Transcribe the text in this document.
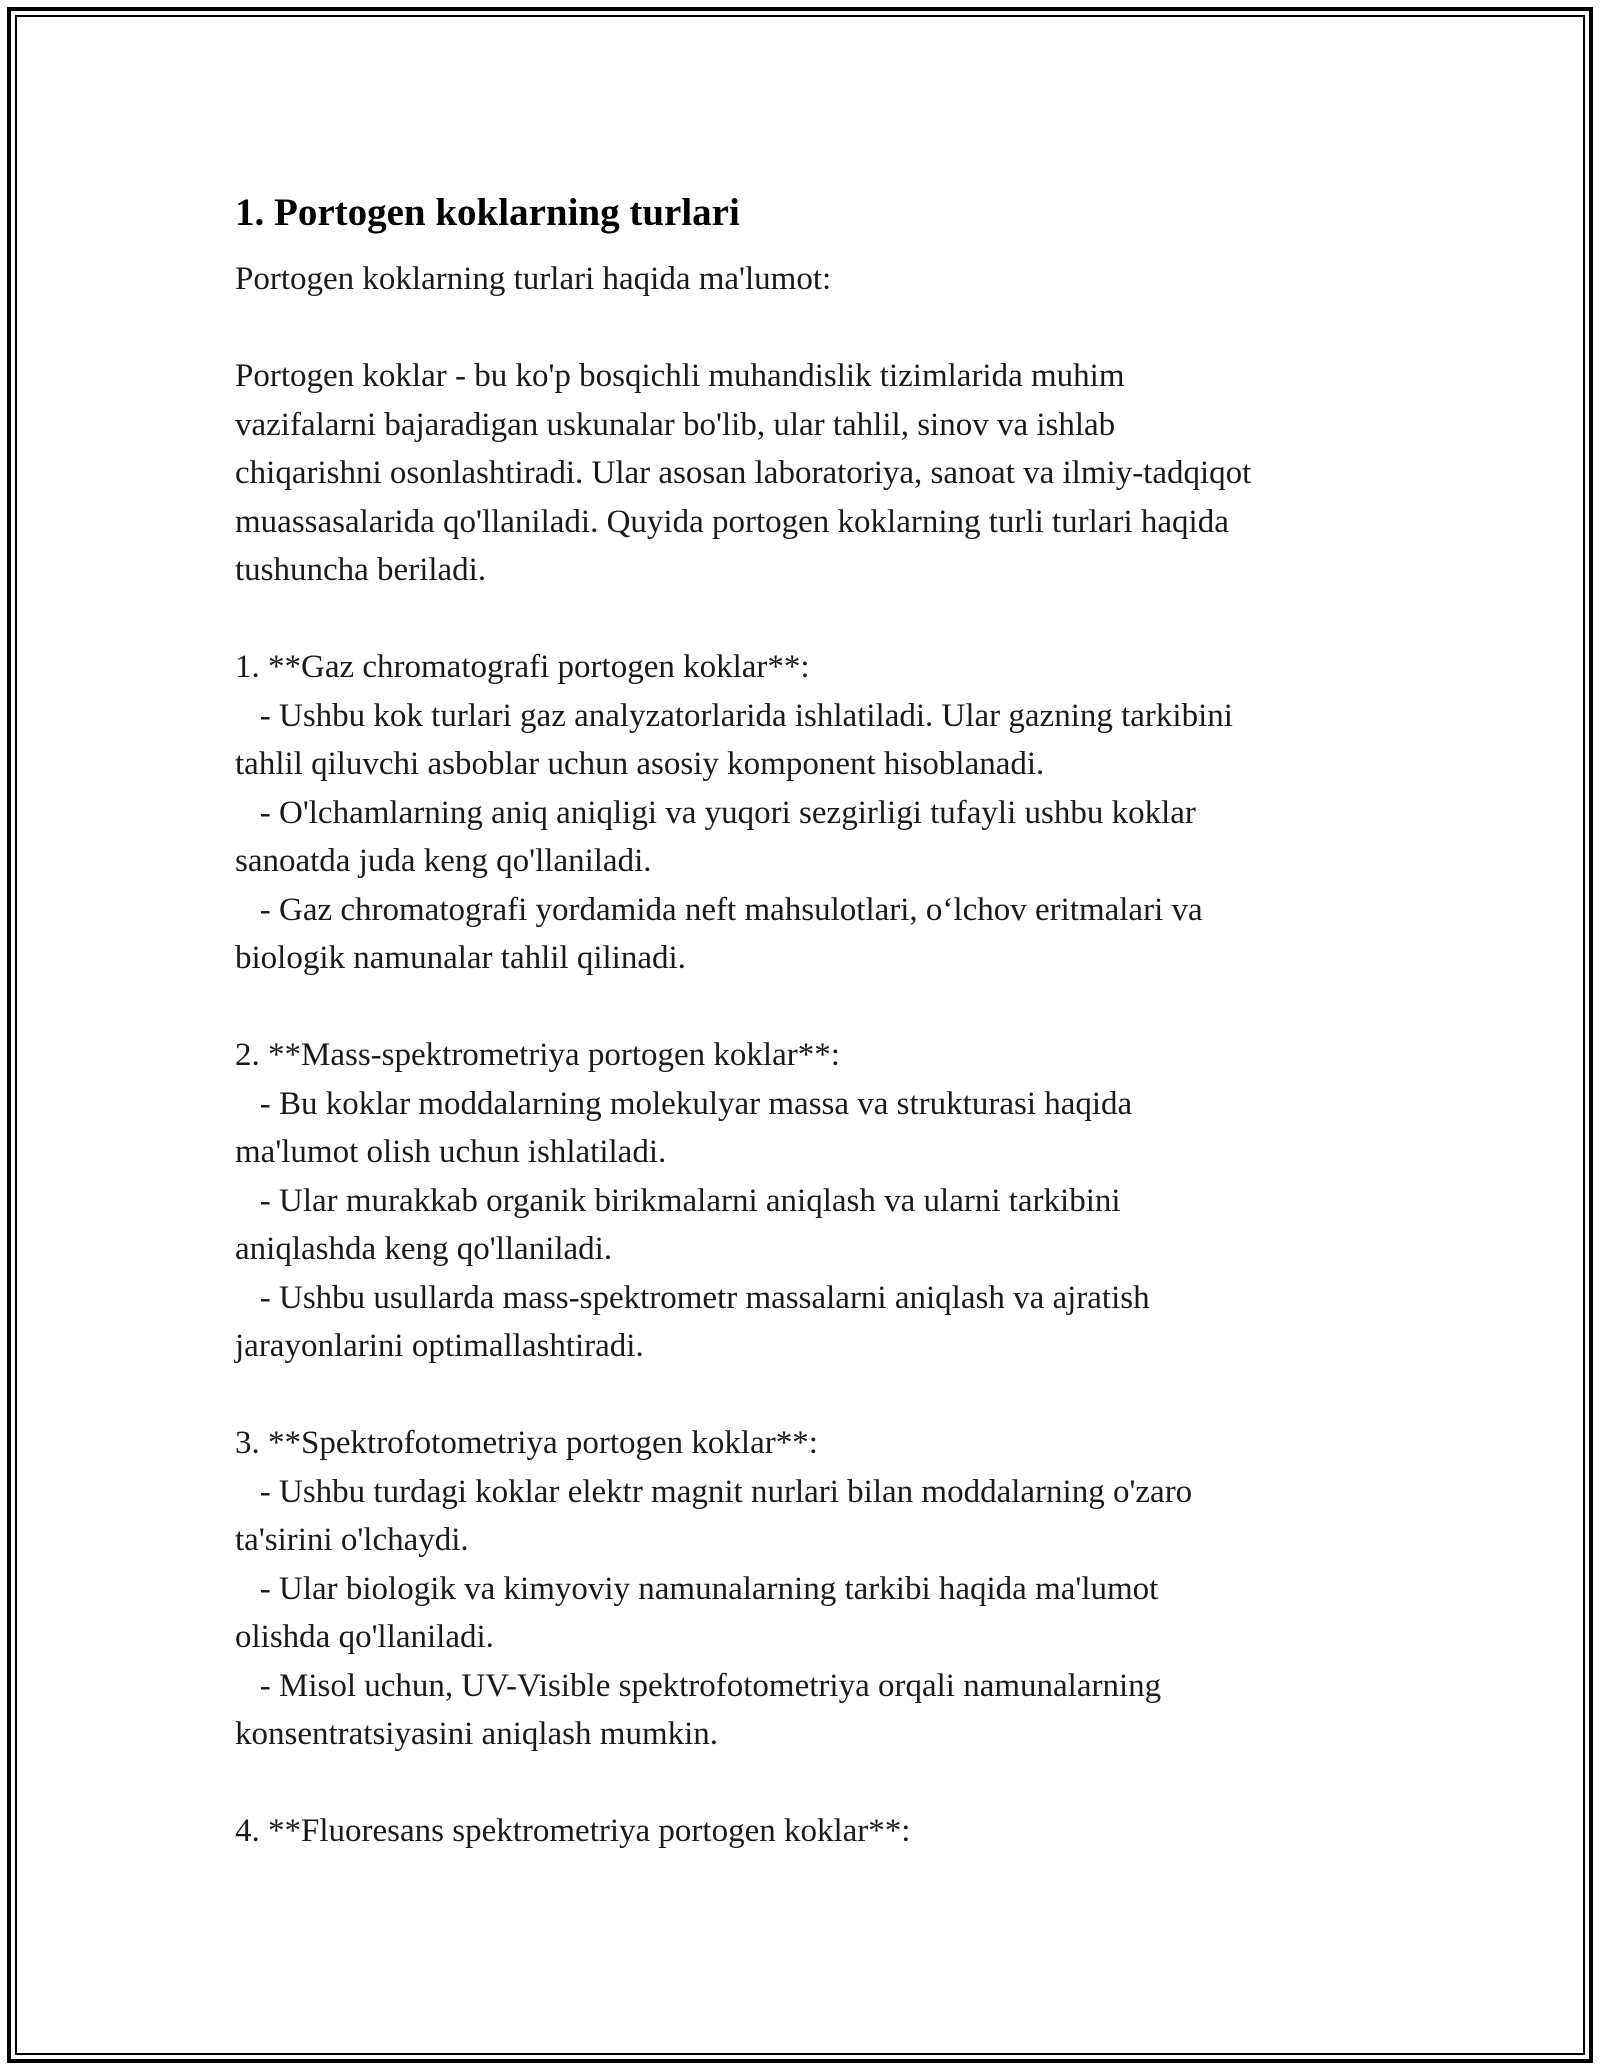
1. Portogen koklarning turlari

Portogen koklarning turlari haqida ma'lumot:

Portogen koklar - bu ko'p bosqichli muhandislik tizimlarida muhim
vazifalarni bajaradigan uskunalar bo'lib, ular tahlil, sinov va ishlab
chiqarishni osonlashtiradi. Ular asosan laboratoriya, sanoat va ilmiy-tadqiqot
muassasalarida qo'llaniladi. Quyida portogen koklarning turli turlari haqida
tushuncha beriladi.

1. **Gaz chromatografi portogen koklar**:
- Ushbu kok turlari gaz analyzatorlarida ishlatiladi. Ular gazning tarkibini
tahlil qiluvchi asboblar uchun asosiy komponent hisoblanadi.
- O'lchamlarning aniq aniqligi va yuqori sezgirligi tufayli ushbu koklar
sanoatda juda keng qo'llaniladi.
- Gaz chromatografi yordamida neft mahsulotlari, o‘lchov eritmalari va
biologik namunalar tahlil qilinadi.

2. **Mass-spektrometriya portogen koklar**:
- Bu koklar moddalarning molekulyar massa va strukturasi haqida
ma'lumot olish uchun ishlatiladi.
- Ular murakkab organik birikmalarni aniqlash va ularni tarkibini
aniqlashda keng qo'llaniladi.
- Ushbu usullarda mass-spektrometr massalarni aniqlash va ajratish
jarayonlarini optimallashtiradi.

3. **Spektrofotometriya portogen koklar**:
- Ushbu turdagi koklar elektr magnit nurlari bilan moddalarning o'zaro
ta'sirini o'lchaydi.
- Ular biologik va kimyoviy namunalarning tarkibi haqida ma'lumot
olishda qo'llaniladi.
- Misol uchun, UV-Visible spektrofotometriya orqali namunalarning
konsentratsiyasini aniqlash mumkin.

4. **Fluoresans spektrometriya portogen koklar**:
